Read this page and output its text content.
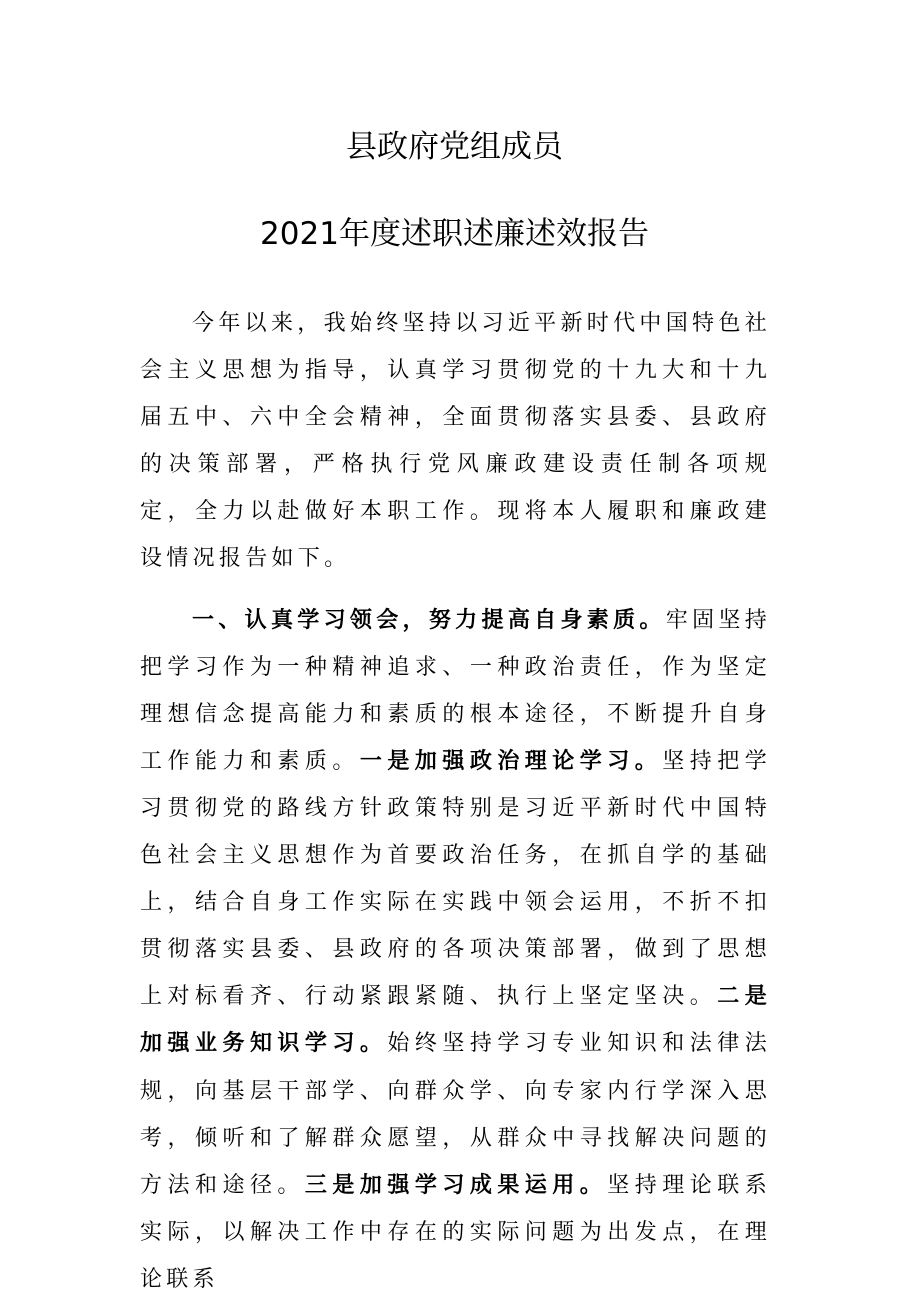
县政府党组成员
2021年度述职述廉述效报告

今年以来，我始终坚持以习近平新时代中国特色社会主义思想为指导，认真学习贯彻党的十九大和十九届五中、六中全会精神，全面贯彻落实县委、县政府的决策部署，严格执行党风廉政建设责任制各项规定，全力以赴做好本职工作。现将本人履职和廉政建设情况报告如下。

一、认真学习领会，努力提高自身素质。牢固坚持把学习作为一种精神追求、一种政治责任，作为坚定理想信念提高能力和素质的根本途径，不断提升自身工作能力和素质。一是加强政治理论学习。坚持把学习贯彻党的路线方针政策特别是习近平新时代中国特色社会主义思想作为首要政治任务，在抓自学的基础上，结合自身工作实际在实践中领会运用，不折不扣贯彻落实县委、县政府的各项决策部署，做到了思想上对标看齐、行动紧跟紧随、执行上坚定坚决。二是加强业务知识学习。始终坚持学习专业知识和法律法规，向基层干部学、向群众学、向专家内行学深入思考，倾听和了解群众愿望，从群众中寻找解决问题的方法和途径。三是加强学习成果运用。坚持理论联系实际，以解决工作中存在的实际问题为出发点，在理论联系
